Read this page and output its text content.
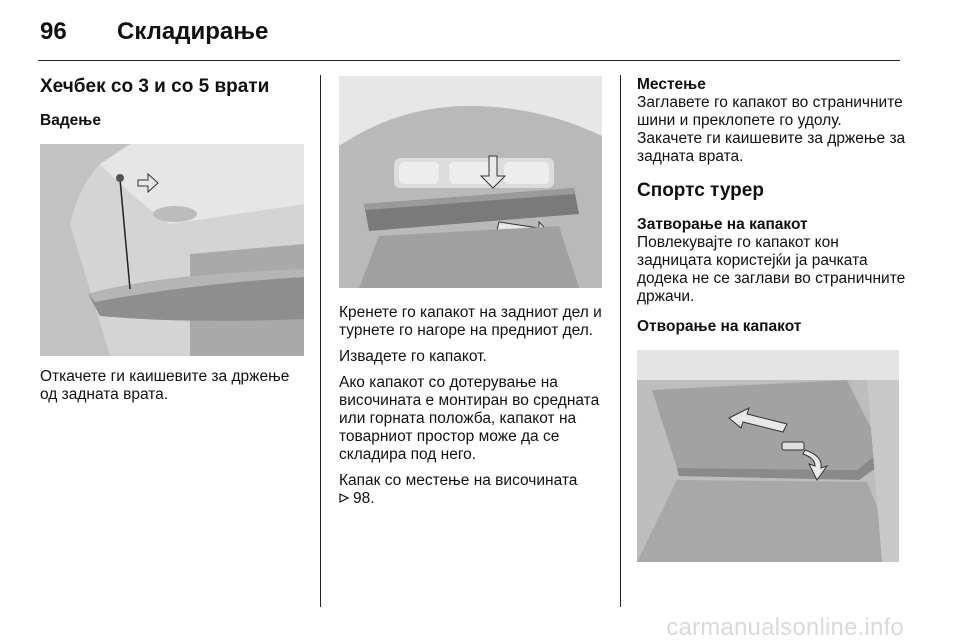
96 Складирање
Хечбек со 3 и со 5 врати
Вадење

Откачете ги каишевите за држење од задната врата.

Кренете го капакот на задниот дел и турнете го нагоре на предниот дел.

Извадете го капакот.

Ако капакот со дотерување на височината е монтиран во средната или горната положба, капакот на товарниот простор може да се складира под него.

Капак со местење на височината
98.

Местење

Заглавете го капакот во страничните шини и преклопете го удолу. Закачете ги каишевите за држење за задната врата.

Спортс турер
Затворање на капакот

Повлекувајте го капакот кон задницата користејќи ја рачката додека не се заглави во страничните држачи.

Отворање на капакот
carmanualsonline.info
